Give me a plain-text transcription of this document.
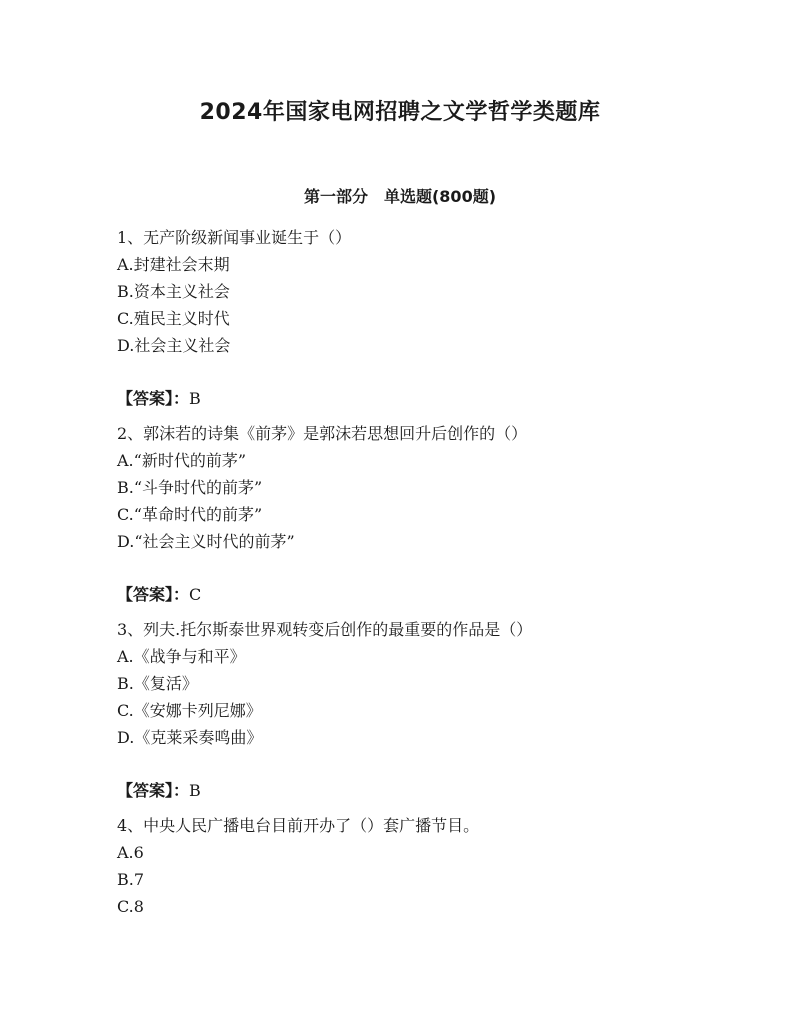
2024年国家电网招聘之文学哲学类题库
第一部分　单选题(800题)
1、无产阶级新闻事业诞生于（）
A.封建社会末期
B.资本主义社会
C.殖民主义时代
D.社会主义社会
【答案】：B
2、郭沫若的诗集《前茅》是郭沫若思想回升后创作的（）
A.“新时代的前茅”
B.“斗争时代的前茅”
C.“革命时代的前茅”
D.“社会主义时代的前茅”
【答案】：C
3、列夫.托尔斯泰世界观转变后创作的最重要的作品是（）
A.《战争与和平》
B.《复活》
C.《安娜卡列尼娜》
D.《克莱采奏鸣曲》
【答案】：B
4、中央人民广播电台目前开办了（）套广播节目。
A.6
B.7
C.8
